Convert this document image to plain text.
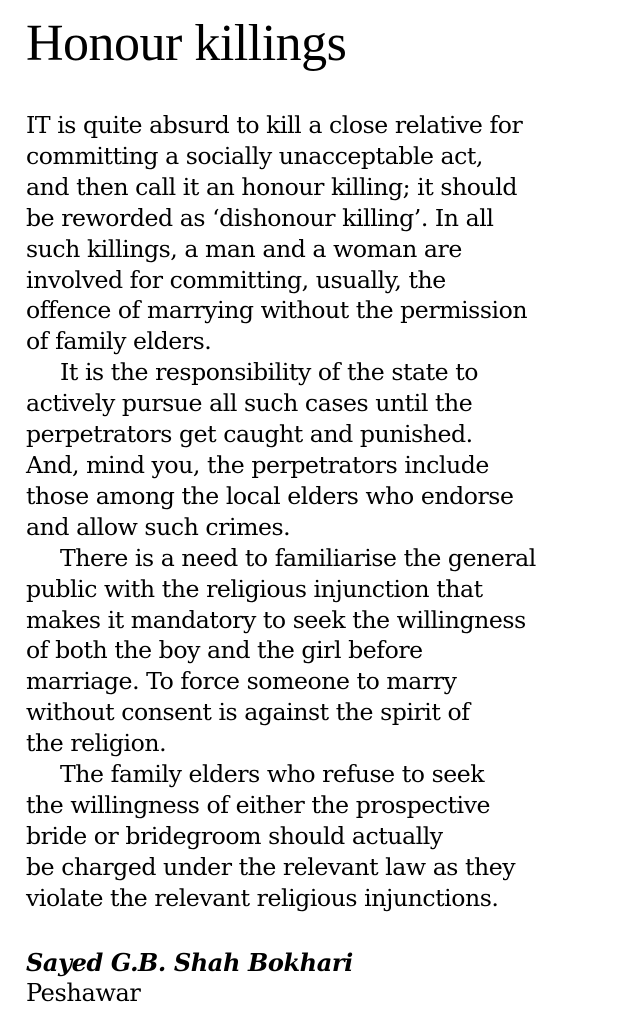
Honour killings

IT is quite absurd to kill a close relative for
committing a socially unacceptable act,
and then call it an honour killing; it should
be reworded as ‘dishonour killing’. In all
such killings, a man and a woman are
involved for committing, usually, the
offence of marrying without the permission
of family elders.

It is the responsibility of the state to
actively pursue all such cases until the
perpetrators get caught and punished.
And, mind you, the perpetrators include
those among the local elders who endorse
and allow such crimes.

There is a need to familiarise the general
public with the religious injunction that
makes it mandatory to seek the willingness
of both the boy and the girl before
marriage. To force someone to marry
without consent is against the spirit of
the religion.

The family elders who refuse to seek
the willingness of either the prospective
bride or bridegroom should actually
be charged under the relevant law as they
violate the relevant religious injunctions.

Sayed G.B. Shah Bokhari
Peshawar
